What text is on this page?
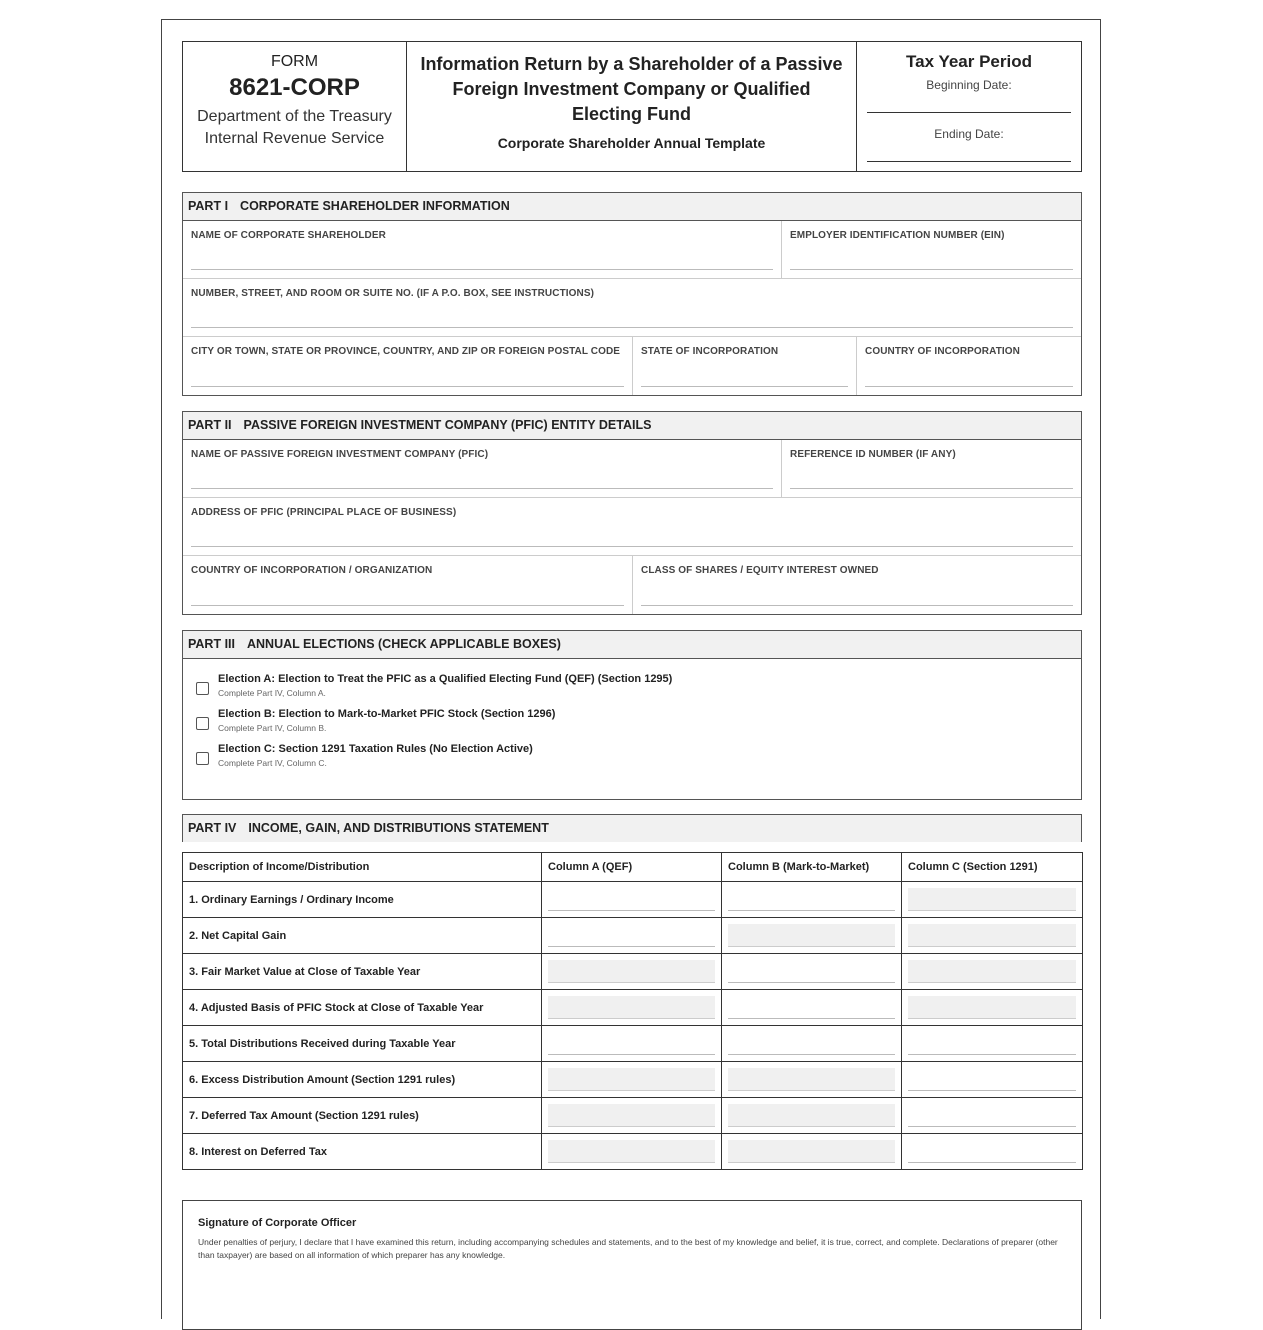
FORM
8621-CORP
Department of the Treasury
Internal Revenue Service
Information Return by a Shareholder of a Passive Foreign Investment Company or Qualified Electing Fund
Corporate Shareholder Annual Template
Tax Year Period
Beginning Date:
Ending Date:
PART I CORPORATE SHAREHOLDER INFORMATION
NAME OF CORPORATE SHAREHOLDER	EMPLOYER IDENTIFICATION NUMBER (EIN)
NUMBER, STREET, AND ROOM OR SUITE NO. (IF A P.O. BOX, SEE INSTRUCTIONS)
CITY OR TOWN, STATE OR PROVINCE, COUNTRY, AND ZIP OR FOREIGN POSTAL CODE	STATE OF INCORPORATION	COUNTRY OF INCORPORATION
PART II PASSIVE FOREIGN INVESTMENT COMPANY (PFIC) ENTITY DETAILS
NAME OF PASSIVE FOREIGN INVESTMENT COMPANY (PFIC)	REFERENCE ID NUMBER (IF ANY)
ADDRESS OF PFIC (PRINCIPAL PLACE OF BUSINESS)
COUNTRY OF INCORPORATION / ORGANIZATION	CLASS OF SHARES / EQUITY INTEREST OWNED
PART III ANNUAL ELECTIONS (CHECK APPLICABLE BOXES)
Election A: Election to Treat the PFIC as a Qualified Electing Fund (QEF) (Section 1295)
Complete Part IV, Column A.
Election B: Election to Mark-to-Market PFIC Stock (Section 1296)
Complete Part IV, Column B.
Election C: Section 1291 Taxation Rules (No Election Active)
Complete Part IV, Column C.
PART IV INCOME, GAIN, AND DISTRIBUTIONS STATEMENT
Description of Income/Distribution	Column A (QEF)	Column B (Mark-to-Market)	Column C (Section 1291)
1. Ordinary Earnings / Ordinary Income	

2. Net Capital Gain	

3. Fair Market Value at Close of Taxable Year	

4. Adjusted Basis of PFIC Stock at Close of Taxable Year	

5. Total Distributions Received during Taxable Year	

6. Excess Distribution Amount (Section 1291 rules)	

7. Deferred Tax Amount (Section 1291 rules)	

8. Interest on Deferred Tax	

Signature of Corporate Officer
Under penalties of perjury, I declare that I have examined this return, including accompanying schedules and statements, and to the best of my knowledge and belief, it is true, correct, and complete. Declarations of preparer (other than taxpayer) are based on all information of which preparer has any knowledge.
